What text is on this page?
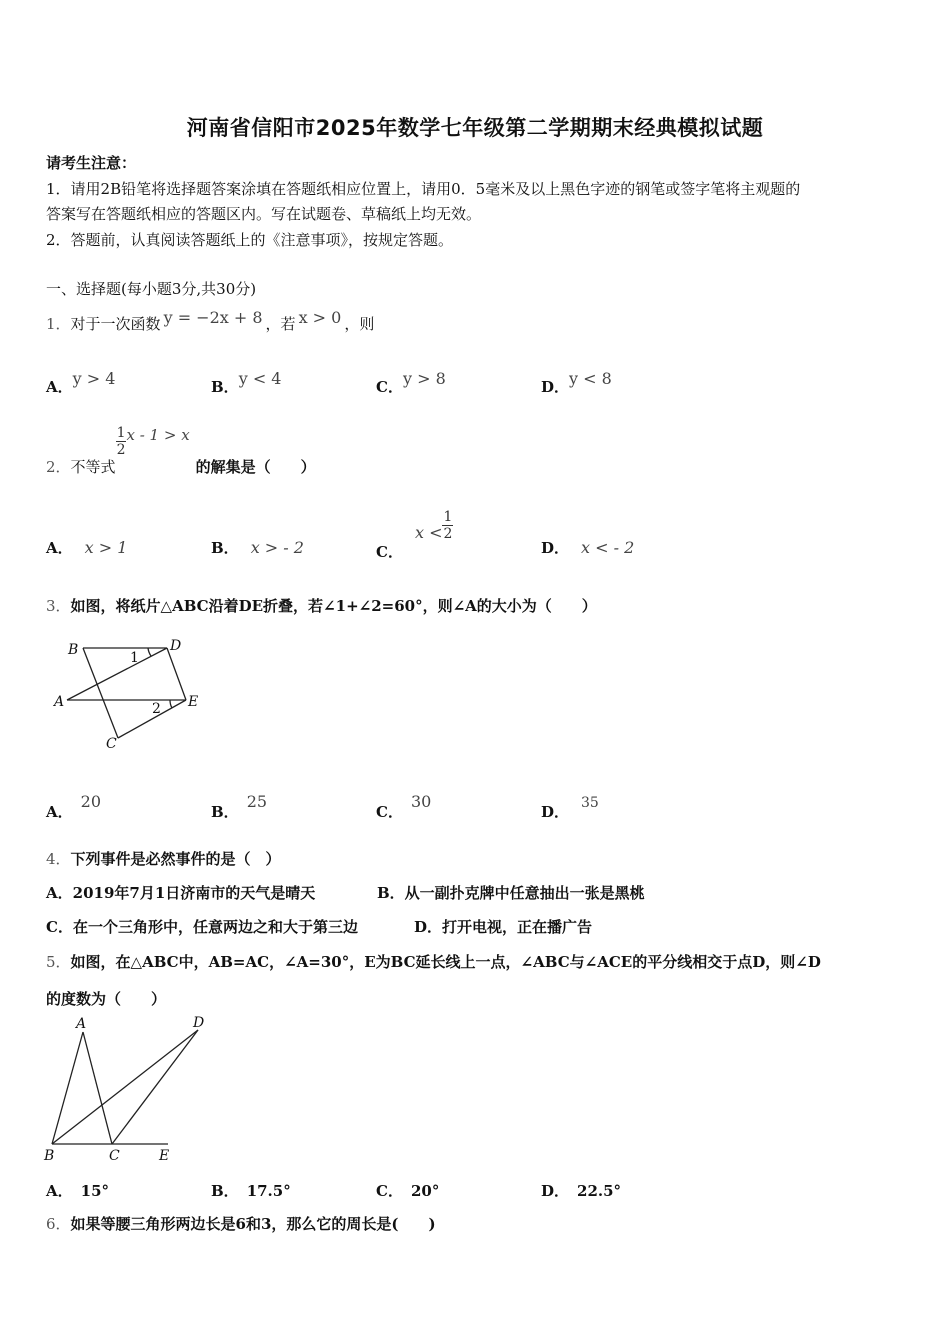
河南省信阳市2025年数学七年级第二学期期末经典模拟试题
请考生注意：
1．请用2B铅笔将选择题答案涂填在答题纸相应位置上，请用0．5毫米及以上黑色字迹的钢笔或签字笔将主观题的
答案写在答题纸相应的答题区内。写在试题卷、草稿纸上均无效。
2．答题前，认真阅读答题纸上的《注意事项》，按规定答题。
一、选择题(每小题3分,共30分)
1．对于一次函数 y = −2x + 8 ，若 x > 0 ，则
A．y > 4	B．y < 4	C．y > 8	D．y < 8
2．不等式
$\frac{1}{2}$ x - 1 > x的解集是（　　）
A． x > 1	B． x > - 2	C．$x < \frac{1}{2}$
D． x < - 2
3．如图，将纸片△ABC沿着DE折叠，若∠1+∠2=60°，则∠A的大小为（　　）
B	D
A	E
C
1
2
A．20
B．25
C．30
D． 35
4．下列事件是必然事件的是（　）
A．2019年7月1日济南市的天气是晴天	B．从一副扑克牌中任意抽出一张是黑桃
C．在一个三角形中，任意两边之和大于第三边	D．打开电视，正在播广告
5．如图，在△ABC中，AB=AC，∠A=30°，E为BC延长线上一点，∠ABC与∠ACE的平分线相交于点D，则∠D
的度数为（　　）
A	D
B	C	E
A． 15°	B． 17.5°	C． 20°	D． 22.5°
6．如果等腰三角形两边长是6和3，那么它的周长是(　　)
